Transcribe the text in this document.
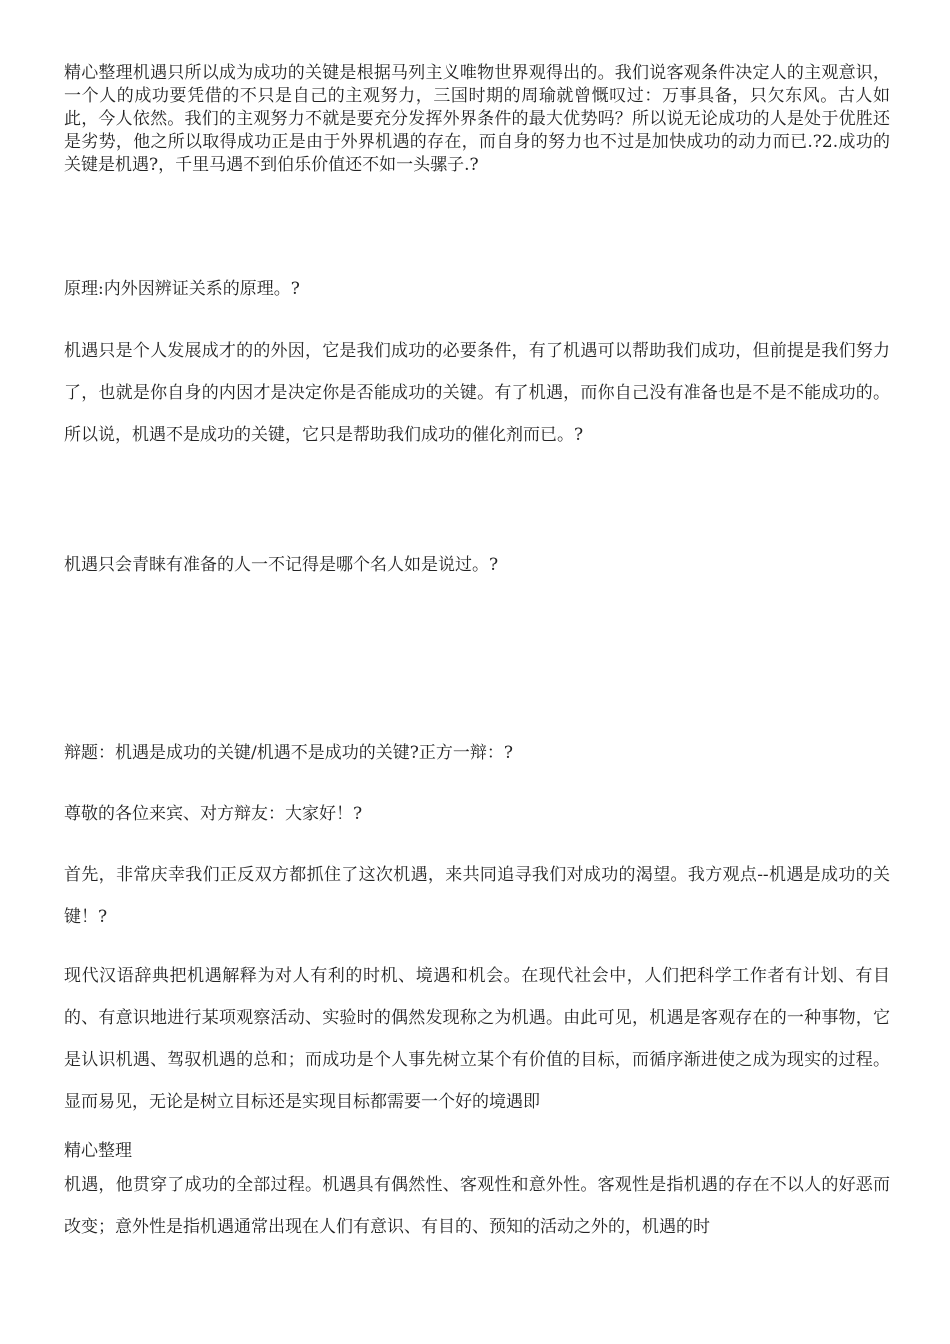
精心整理机遇只所以成为成功的关键是根据马列主义唯物世界观得出的。我们说客观条件决定人的主观意识，一个人的成功要凭借的不只是自己的主观努力，三国时期的周瑜就曾慨叹过：万事具备，只欠东风。古人如此，今人依然。我们的主观努力不就是要充分发挥外界条件的最大优势吗？所以说无论成功的人是处于优胜还是劣势，他之所以取得成功正是由于外界机遇的存在，而自身的努力也不过是加快成功的动力而已.?2.成功的关键是机遇?，千里马遇不到伯乐价值还不如一头骡子.?

原理:内外因辨证关系的原理。?

机遇只是个人发展成才的的外因，它是我们成功的必要条件，有了机遇可以帮助我们成功，但前提是我们努力了，也就是你自身的内因才是决定你是否能成功的关键。有了机遇，而你自己没有准备也是不是不能成功的。所以说，机遇不是成功的关键，它只是帮助我们成功的催化剂而已。?

机遇只会青睐有准备的人一不记得是哪个名人如是说过。?

辩题：机遇是成功的关键/机遇不是成功的关键?正方一辩：?

尊敬的各位来宾、对方辩友：大家好！?

首先，非常庆幸我们正反双方都抓住了这次机遇，来共同追寻我们对成功的渴望。我方观点--机遇是成功的关键！?

现代汉语辞典把机遇解释为对人有利的时机、境遇和机会。在现代社会中，人们把科学工作者有计划、有目的、有意识地进行某项观察活动、实验时的偶然发现称之为机遇。由此可见，机遇是客观存在的一种事物，它是认识机遇、驾驭机遇的总和；而成功是个人事先树立某个有价值的目标，而循序渐进使之成为现实的过程。显而易见，无论是树立目标还是实现目标都需要一个好的境遇即

精心整理

机遇，他贯穿了成功的全部过程。机遇具有偶然性、客观性和意外性。客观性是指机遇的存在不以人的好恶而改变；意外性是指机遇通常出现在人们有意识、有目的、预知的活动之外的，机遇的时
